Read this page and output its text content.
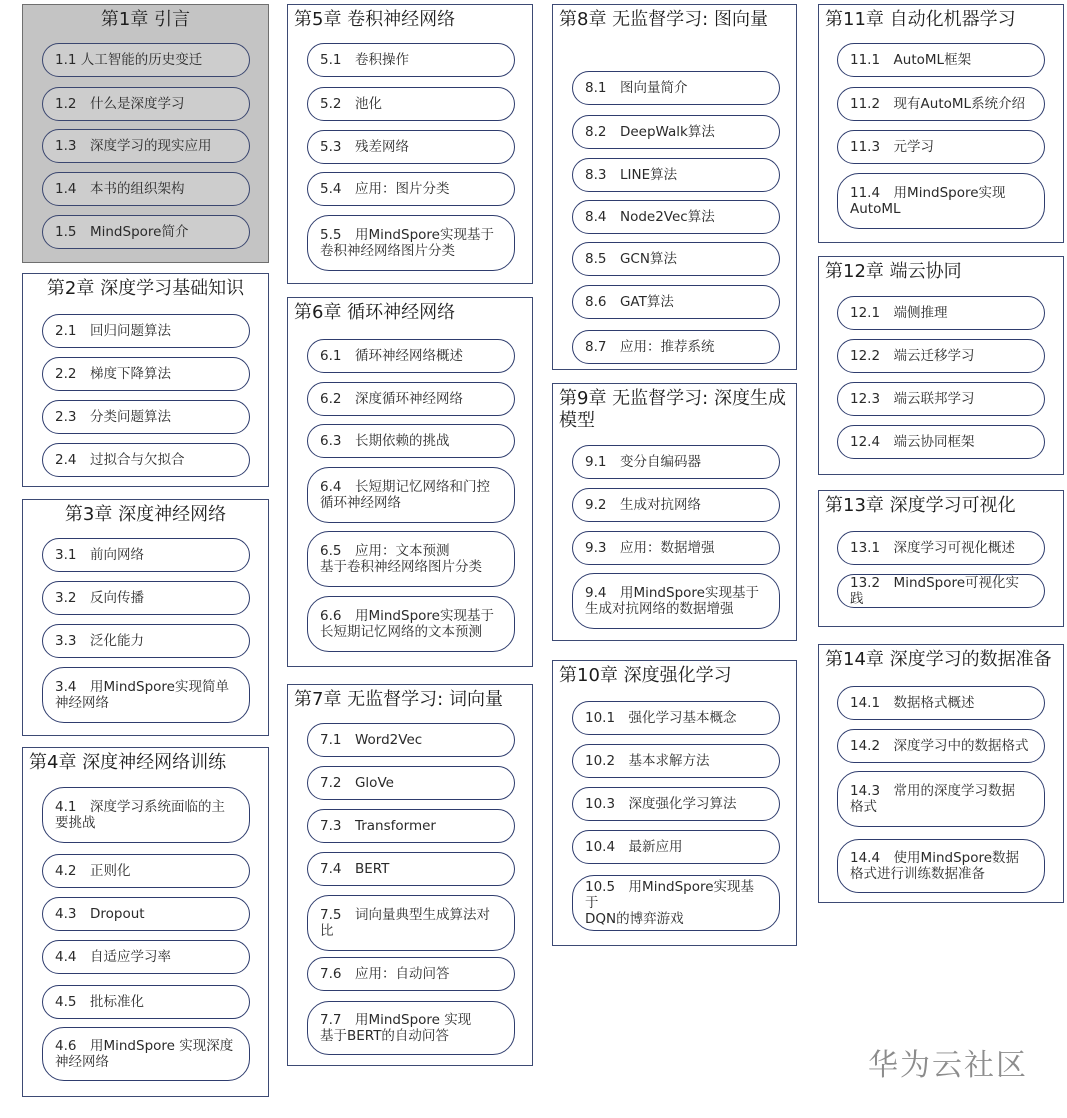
第1章 引言
1.1 人工智能的历史变迁
1.2　什么是深度学习
1.3　深度学习的现实应用
1.4　本书的组织架构
1.5　MindSpore简介
第2章 深度学习基础知识
2.1　回归问题算法
2.2　梯度下降算法
2.3　分类问题算法
2.4　过拟合与欠拟合
第3章 深度神经网络
3.1　前向网络
3.2　反向传播
3.3　泛化能力
3.4　用MindSpore实现简单
神经网络
第4章 深度神经网络训练
4.1　深度学习系统面临的主
要挑战
4.2　正则化
4.3　Dropout
4.4　自适应学习率
4.5　批标准化
4.6　用MindSpore 实现深度
神经网络
第5章 卷积神经网络
5.1　卷积操作
5.2　池化
5.3　残差网络
5.4　应用：图片分类
5.5　用MindSpore实现基于
卷积神经网络图片分类
第6章 循环神经网络
6.1　循环神经网络概述
6.2　深度循环神经网络
6.3　长期依赖的挑战
6.4　长短期记忆网络和门控
循环神经网络
6.5　应用：文本预测
基于卷积神经网络图片分类
6.6　用MindSpore实现基于
长短期记忆网络的文本预测
第7章 无监督学习: 词向量
7.1　Word2Vec
7.2　GloVe
7.3　Transformer
7.4　BERT
7.5　词向量典型生成算法对
比
7.6　应用：自动问答
7.7　用MindSpore 实现
基于BERT的自动问答
第8章 无监督学习: 图向量
8.1　图向量简介
8.2　DeepWalk算法
8.3　LINE算法
8.4　Node2Vec算法
8.5　GCN算法
8.6　GAT算法
8.7　应用：推荐系统
第9章 无监督学习: 深度生成模型
9.1　变分自编码器
9.2　生成对抗网络
9.3　应用：数据增强
9.4　用MindSpore实现基于
生成对抗网络的数据增强
第10章 深度强化学习
10.1　强化学习基本概念
10.2　基本求解方法
10.3　深度强化学习算法
10.4　最新应用
10.5　用MindSpore实现基于
DQN的博弈游戏
第11章 自动化机器学习
11.1　AutoML框架
11.2　现有AutoML系统介绍
11.3　元学习
11.4　用MindSpore实现
AutoML
第12章 端云协同
12.1　端侧推理
12.2　端云迁移学习
12.3　端云联邦学习
12.4　端云协同框架
第13章 深度学习可视化
13.1　深度学习可视化概述
13.2　MindSpore可视化实践
第14章 深度学习的数据准备
14.1　数据格式概述
14.2　深度学习中的数据格式
14.3　常用的深度学习数据
格式
14.4　使用MindSpore数据
格式进行训练数据准备
华为云社区
